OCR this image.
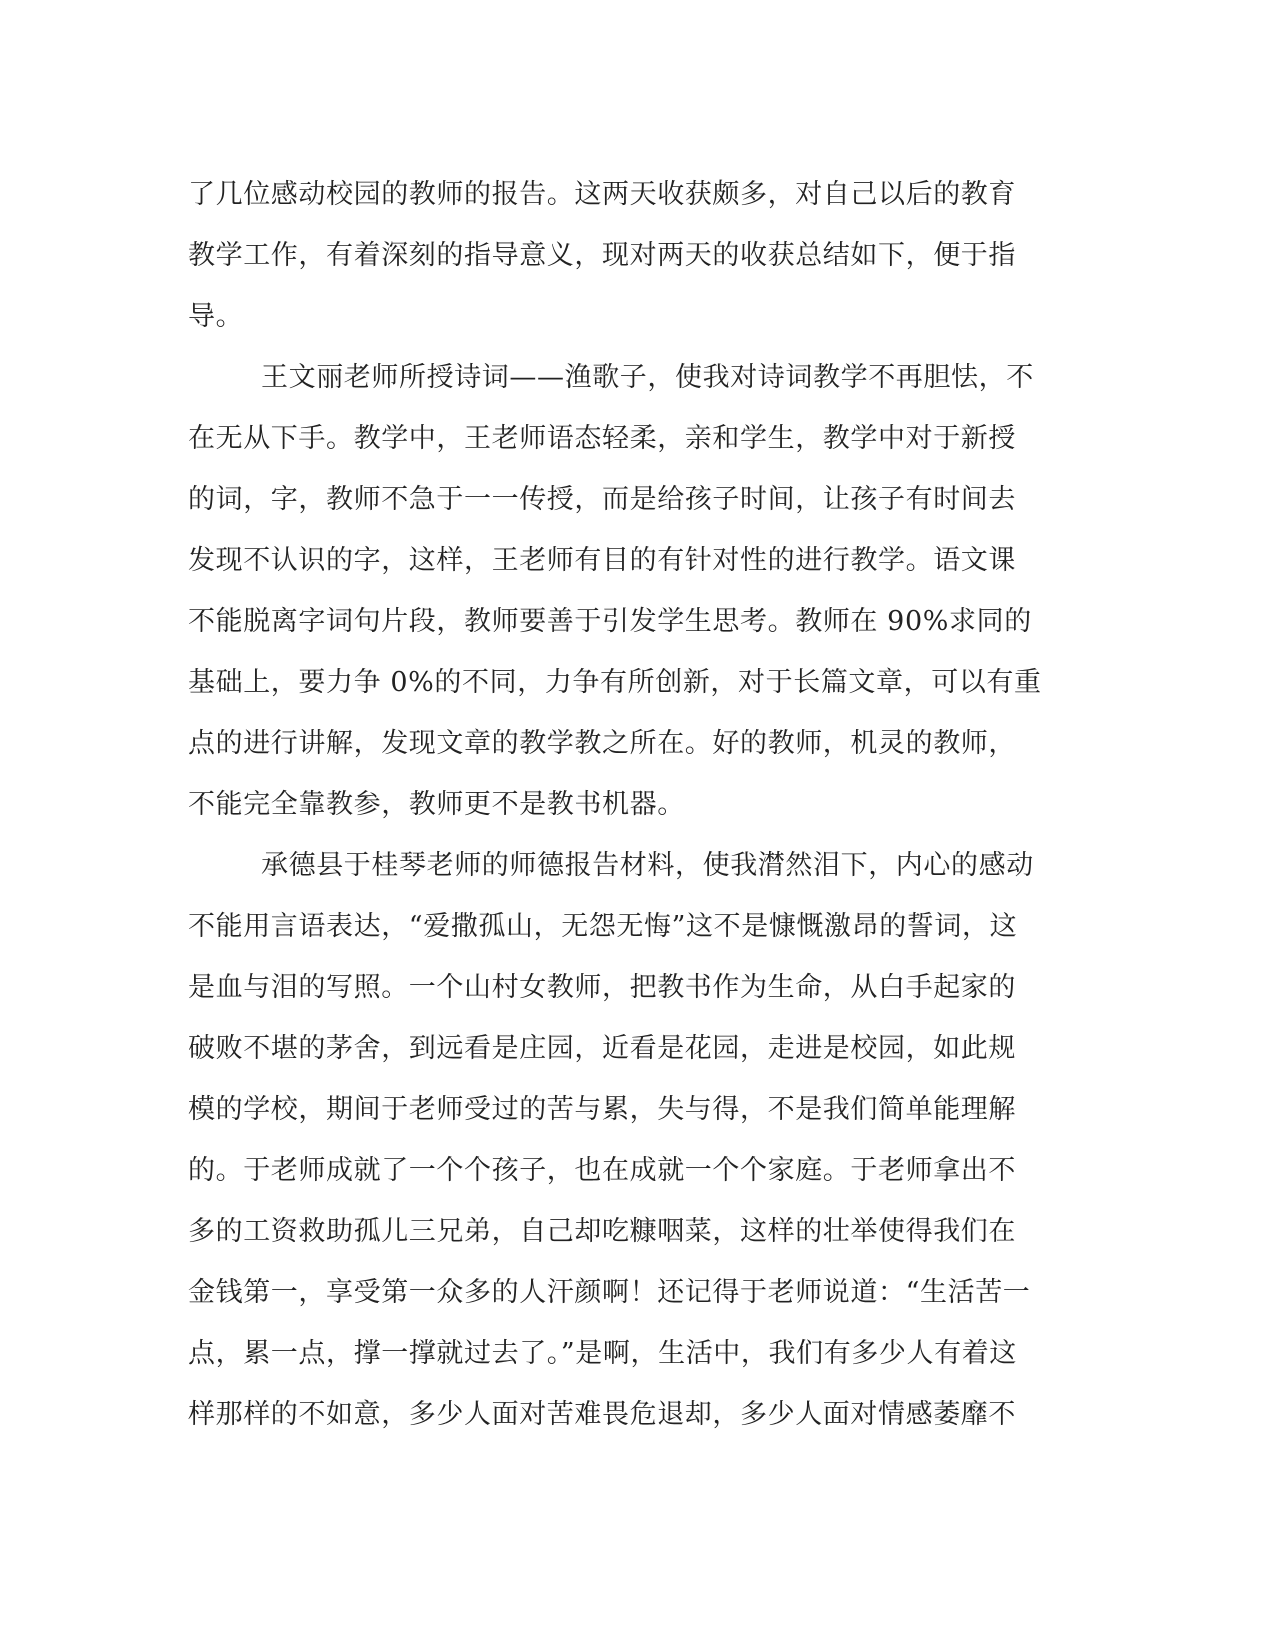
了几位感动校园的教师的报告。这两天收获颇多，对自己以后的教育
教学工作，有着深刻的指导意义，现对两天的收获总结如下，便于指
导。

王文丽老师所授诗词——渔歌子，使我对诗词教学不再胆怯，不
在无从下手。教学中，王老师语态轻柔，亲和学生，教学中对于新授
的词，字，教师不急于一一传授，而是给孩子时间，让孩子有时间去
发现不认识的字，这样，王老师有目的有针对性的进行教学。语文课
不能脱离字词句片段，教师要善于引发学生思考。教师在 90%求同的
基础上，要力争 0%的不同，力争有所创新，对于长篇文章，可以有重
点的进行讲解，发现文章的教学教之所在。好的教师，机灵的教师，
不能完全靠教参，教师更不是教书机器。

承德县于桂琴老师的师德报告材料，使我潸然泪下，内心的感动
不能用言语表达，“爱撒孤山，无怨无悔”这不是慷慨激昂的誓词，这
是血与泪的写照。一个山村女教师，把教书作为生命，从白手起家的
破败不堪的茅舍，到远看是庄园，近看是花园，走进是校园，如此规
模的学校，期间于老师受过的苦与累，失与得，不是我们简单能理解
的。于老师成就了一个个孩子，也在成就一个个家庭。于老师拿出不
多的工资救助孤儿三兄弟，自己却吃糠咽菜，这样的壮举使得我们在
金钱第一，享受第一众多的人汗颜啊！还记得于老师说道：“生活苦一
点，累一点，撑一撑就过去了。”是啊，生活中，我们有多少人有着这
样那样的不如意，多少人面对苦难畏危退却，多少人面对情感萎靡不
